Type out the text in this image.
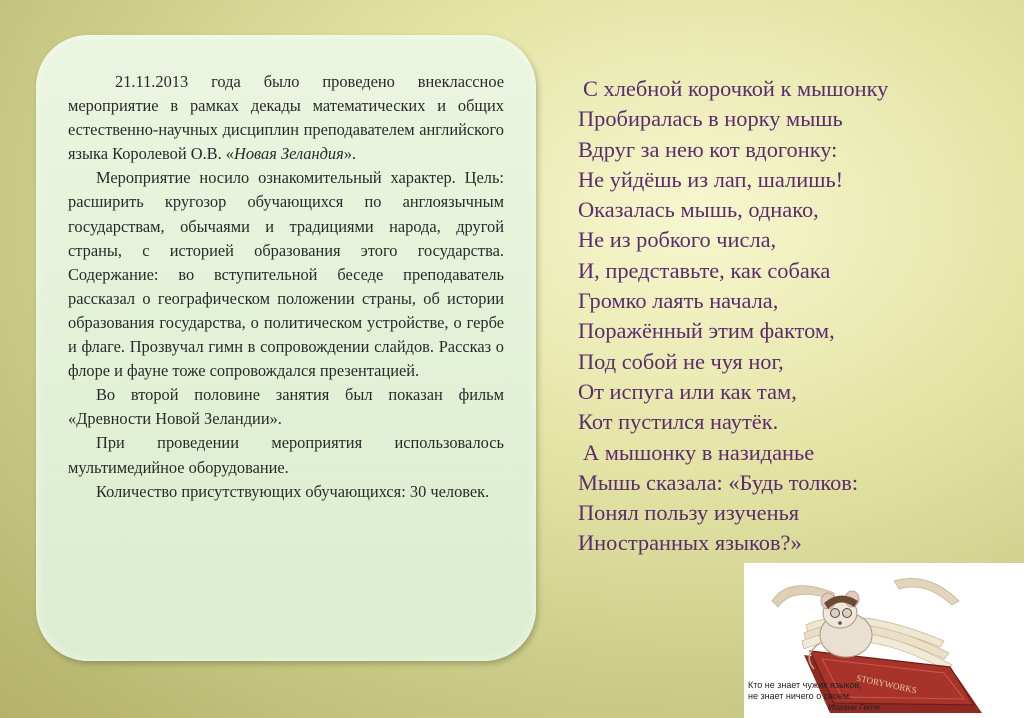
21.11.2013 года было проведено внеклассное мероприятие в рамках декады математических и общих естественно-научных дисциплин преподавателем английского языка Королевой О.В. «Новая Зеландия».

Мероприятие носило ознакомительный характер. Цель: расширить кругозор обучающихся по англоязычным государствам, обычаями и традициями народа, другой страны, с историей образования этого государства. Содержание: во вступительной беседе преподаватель рассказал о географическом положении страны, об истории образования государства, о политическом устройстве, о гербе и флаге. Прозвучал гимн в сопровождении слайдов. Рассказ о флоре и фауне тоже сопровождался презентацией.

Во второй половине занятия был показан фильм «Древности Новой Зеландии».

При проведении мероприятия использовалось мультимедийное оборудование.

Количество присутствующих обучающихся: 30 человек.

С хлебной корочкой к мышонку
Пробиралась в норку мышь
Вдруг за нею кот вдогонку:
Не уйдёшь из лап, шалишь!
Оказалась мышь, однако,
Не из робкого числа,
И, представьте, как собака
Громко лаять начала,
Поражённый этим фактом,
Под собой не чуя ног,
От испуга или как там,
Кот пустился наутёк.
А мышонку в назиданье
Мышь сказала: «Будь толков:
Понял пользу изученья
Иностранных языков?»
STORYWORKS
Кто не знает чужих языков,
не знает ничего о своем.
Иоганн Гете
